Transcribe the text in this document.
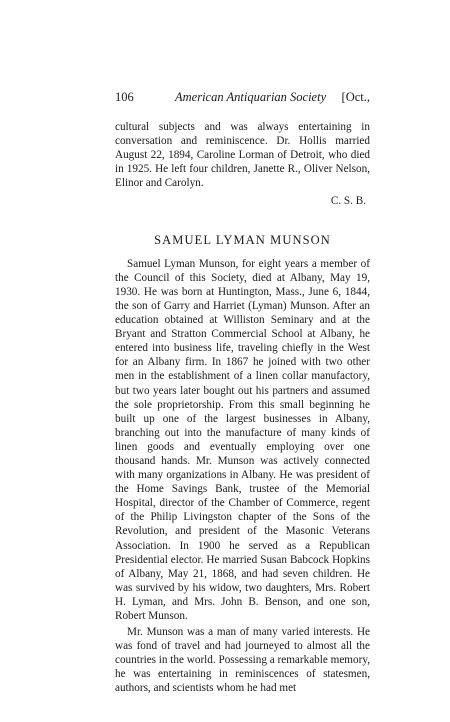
106	American Antiquarian Society [Oct.,

cultural subjects and was always entertaining in conversation and reminiscence. Dr. Hollis married August 22, 1894, Caroline Lorman of Detroit, who died in 1925. He left four children, Janette R., Oliver Nelson, Elinor and Carolyn.

C. S. B.
SAMUEL LYMAN MUNSON

Samuel Lyman Munson, for eight years a member of the Council of this Society, died at Albany, May 19, 1930. He was born at Huntington, Mass., June 6, 1844, the son of Garry and Harriet (Lyman) Munson. After an education obtained at Williston Seminary and at the Bryant and Stratton Commercial School at Albany, he entered into business life, traveling chiefly in the West for an Albany firm. In 1867 he joined with two other men in the establishment of a linen collar manufactory, but two years later bought out his partners and assumed the sole proprietorship. From this small beginning he built up one of the largest businesses in Albany, branching out into the manufacture of many kinds of linen goods and eventually employing over one thousand hands. Mr. Munson was actively connected with many organizations in Albany. He was president of the Home Savings Bank, trustee of the Memorial Hospital, director of the Chamber of Commerce, regent of the Philip Livingston chapter of the Sons of the Revolution, and president of the Masonic Veterans Association. In 1900 he served as a Republican Presidential elector. He married Susan Babcock Hopkins of Albany, May 21, 1868, and had seven children. He was survived by his widow, two daughters, Mrs. Robert H. Lyman, and Mrs. John B. Benson, and one son, Robert Munson.

Mr. Munson was a man of many varied interests. He was fond of travel and had journeyed to almost all the countries in the world. Possessing a remarkable memory, he was entertaining in reminiscences of statesmen, authors, and scientists whom he had met
